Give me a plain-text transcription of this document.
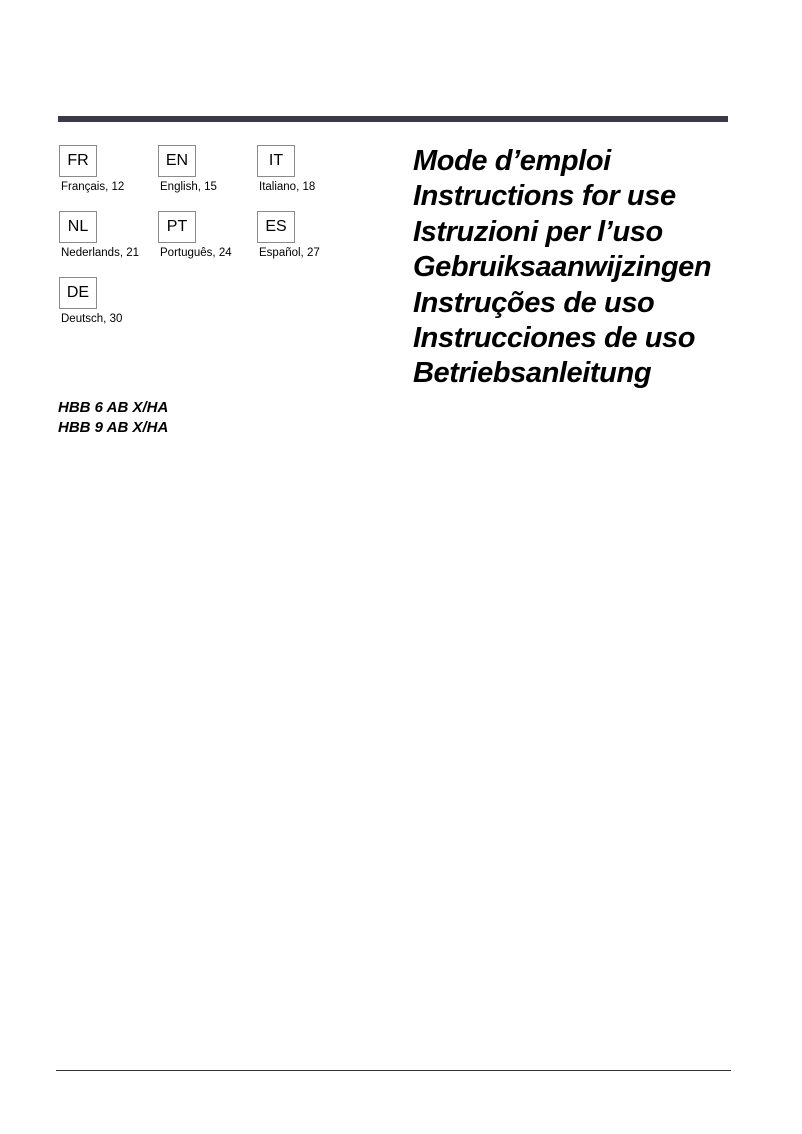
FR
Français, 12
EN
English, 15
IT
Italiano, 18
NL
Nederlands, 21
PT
Português, 24
ES
Español, 27
DE
Deutsch, 30
HBB 6 AB X/HA
HBB 9 AB X/HA
Mode d’emploi
Instructions for use
Istruzioni per l’uso
Gebruiksaanwijzingen
Instruções de uso
Instrucciones de uso
Betriebsanleitung
